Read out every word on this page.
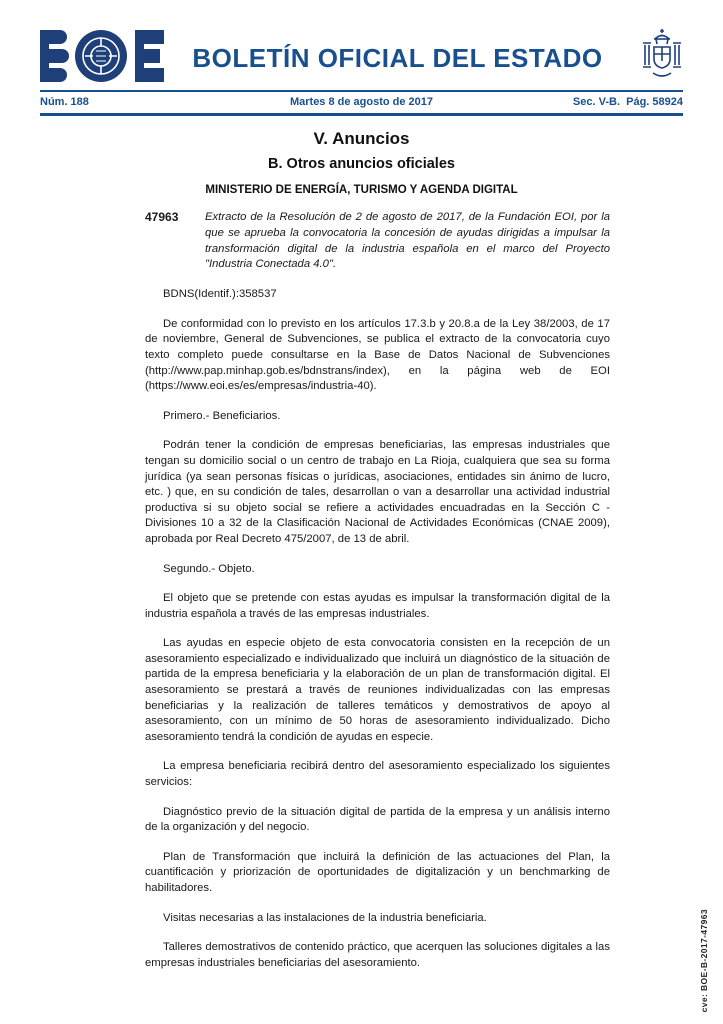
BOLETÍN OFICIAL DEL ESTADO
Núm. 188	Martes 8 de agosto de 2017	Sec. V-B.  Pág. 58924
V. Anuncios
B. Otros anuncios oficiales
MINISTERIO DE ENERGÍA, TURISMO Y AGENDA DIGITAL
47963	Extracto de la Resolución de 2 de agosto de 2017, de la Fundación EOI, por la que se aprueba la convocatoria la concesión de ayudas dirigidas a impulsar la transformación digital de la industria española en el marco del Proyecto "Industria Conectada 4.0".
BDNS(Identif.):358537

De conformidad con lo previsto en los artículos 17.3.b y 20.8.a de la Ley 38/2003, de 17 de noviembre, General de Subvenciones, se publica el extracto de la convocatoria cuyo texto completo puede consultarse en la Base de Datos Nacional de Subvenciones (http://www.pap.minhap.gob.es/bdnstrans/index), en la página web de EOI (https://www.eoi.es/es/empresas/industria-40).

Primero.- Beneficiarios.

Podrán tener la condición de empresas beneficiarias, las empresas industriales que tengan su domicilio social o un centro de trabajo en La Rioja, cualquiera que sea su forma jurídica (ya sean personas físicas o jurídicas, asociaciones, entidades sin ánimo de lucro, etc. ) que, en su condición de tales, desarrollan o van a desarrollar una actividad industrial productiva si su objeto social se refiere a actividades encuadradas en la Sección C - Divisiones 10 a 32 de la Clasificación Nacional de Actividades Económicas (CNAE 2009), aprobada por Real Decreto 475/2007, de 13 de abril.

Segundo.- Objeto.

El objeto que se pretende con estas ayudas es impulsar la transformación digital de la industria española a través de las empresas industriales.

Las ayudas en especie objeto de esta convocatoria consisten en la recepción de un asesoramiento especializado e individualizado que incluirá un diagnóstico de la situación de partida de la empresa beneficiaria y la elaboración de un plan de transformación digital. El asesoramiento se prestará a través de reuniones individualizadas con las empresas beneficiarias y la realización de talleres temáticos y demostrativos de apoyo al asesoramiento, con un mínimo de 50 horas de asesoramiento individualizado. Dicho asesoramiento tendrá la condición de ayudas en especie.

La empresa beneficiaria recibirá dentro del asesoramiento especializado los siguientes servicios:

Diagnóstico previo de la situación digital de partida de la empresa y un análisis interno de la organización y del negocio.

Plan de Transformación que incluirá la definición de las actuaciones del Plan, la cuantificación y priorización de oportunidades de digitalización y un benchmarking de habilitadores.

Visitas necesarias a las instalaciones de la industria beneficiaria.

Talleres demostrativos de contenido práctico, que acerquen las soluciones digitales a las empresas industriales beneficiarias del asesoramiento.	cve: BOE-B-2017-47963
